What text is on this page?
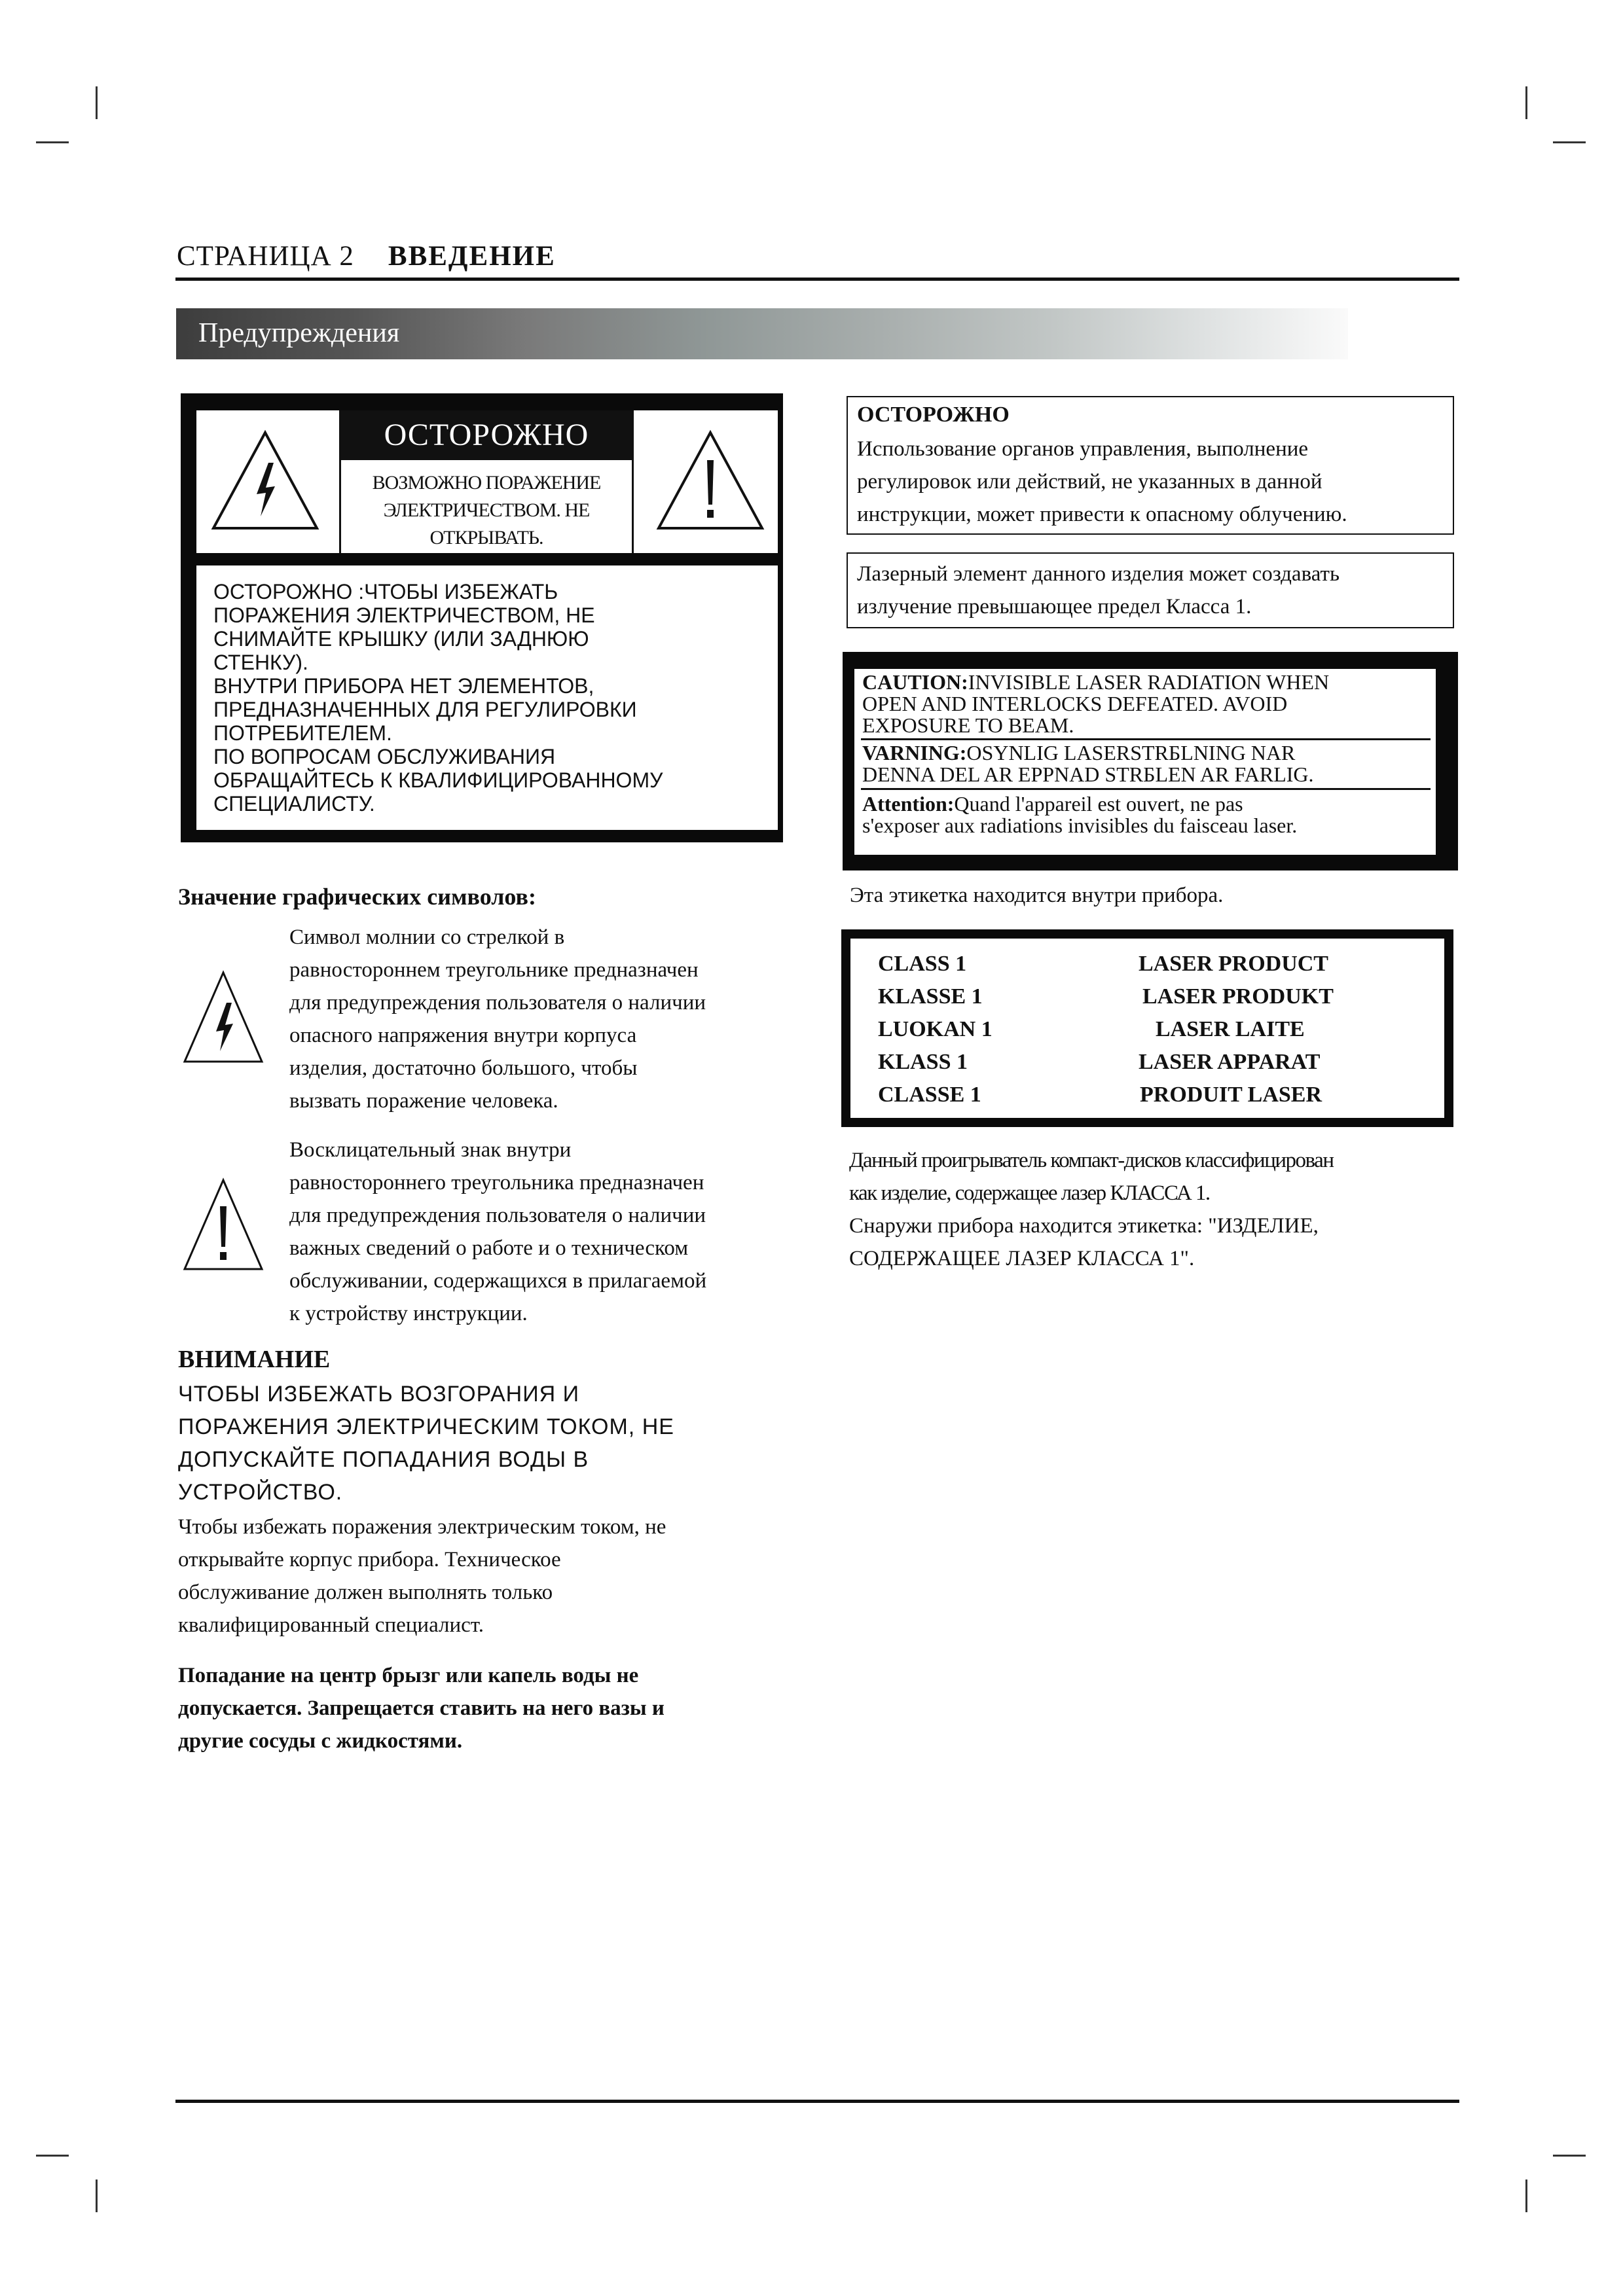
СТРАНИЦА 2 ВВЕДЕНИЕ
Предупреждения
ОСТОРОЖНО
ВОЗМОЖНО ПОРАЖЕНИЕ
ЭЛЕКТРИЧЕСТВОМ. НЕ
ОТКРЫВАТЬ.
ОСТОРОЖНО :ЧТОБЫ ИЗБЕЖАТЬ
ПОРАЖЕНИЯ ЭЛЕКТРИЧЕСТВОМ, НЕ
СНИМАЙТЕ КРЫШКУ (ИЛИ ЗАДНЮЮ
СТЕНКУ).
ВНУТРИ ПРИБОРА НЕТ ЭЛЕМЕНТОВ,
ПРЕДНАЗНАЧЕННЫХ ДЛЯ РЕГУЛИРОВКИ
ПОТРЕБИТЕЛЕМ.
ПО ВОПРОСАМ ОБСЛУЖИВАНИЯ
ОБРАЩАЙТЕСЬ К КВАЛИФИЦИРОВАННОМУ
СПЕЦИАЛИСТУ.
Значение графических символов:
Символ молнии со стрелкой в
равностороннем треугольнике предназначен
для предупреждения пользователя о наличии
опасного напряжения внутри корпуса
изделия, достаточно большого, чтобы
вызвать поражение человека.
Восклицательный знак внутри
равностороннего треугольника предназначен
для предупреждения пользователя о наличии
важных сведений о работе и о техническом
обслуживании, содержащихся в прилагаемой
к устройству инструкции.
ВНИМАНИЕ
ЧТОБЫ ИЗБЕЖАТЬ ВОЗГОРАНИЯ И
ПОРАЖЕНИЯ ЭЛЕКТРИЧЕСКИМ ТОКОМ, НЕ
ДОПУСКАЙТЕ ПОПАДАНИЯ ВОДЫ В
УСТРОЙСТВО.
Чтобы избежать поражения электрическим током, не
открывайте корпус прибора. Техническое
обслуживание должен выполнять только
квалифицированный специалист.
Попадание на центр брызг или капель воды не
допускается. Запрещается ставить на него вазы и
другие сосуды с жидкостями.
ОСТОРОЖНО
Использование органов управления, выполнение
регулировок или действий, не указанных в данной
инструкции, может привести к опасному облучению.
Лазерный элемент данного изделия может создавать
излучение превышающее предел Класса 1.
CAUTION:INVISIBLE LASER RADIATION WHEN
OPEN AND INTERLOCKS DEFEATED. AVOID
EXPOSURE TO BEAM.
VARNING:OSYNLIG LASERSTRБLNING NAR
DENNA DEL AR EPPNAD STRБLEN AR FARLIG.
Attention:Quand l'appareil est ouvert, ne pas
s'exposer aux radiations invisibles du faisceau laser.
Эта этикетка находится внутри прибора.
CLASS 1	LASER PRODUCT
KLASSE 1	LASER PRODUKT
LUOKAN 1	LASER LAITE
KLASS 1	LASER APPARAT
CLASSE 1	PRODUIT LASER
Данный проигрыватель компакт-дисков классифицирован
как изделие, содержащее лазер КЛАССА 1.
Снаружи прибора находится этикетка: "ИЗДЕЛИЕ,
СОДЕРЖАЩЕЕ ЛАЗЕР КЛАССА 1".
